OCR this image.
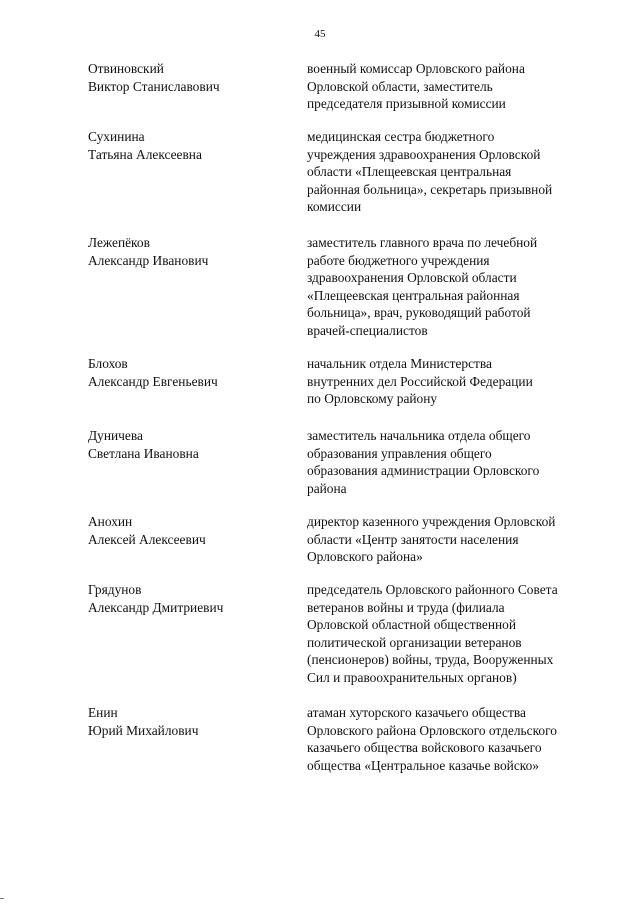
45
Отвиновский
Виктор Станиславович
военный комиссар Орловского района
Орловской области, заместитель
председателя призывной комиссии
Сухинина
Татьяна Алексеевна
медицинская сестра бюджетного
учреждения здравоохранения Орловской
области «Плещеевская центральная
районная больница», секретарь призывной
комиссии
Лежепёков
Александр Иванович
заместитель главного врача по лечебной
работе бюджетного учреждения
здравоохранения Орловской области
«Плещеевская центральная районная
больница», врач, руководящий работой
врачей-специалистов
Блохов
Александр Евгеньевич
начальник отдела Министерства
внутренних дел Российской Федерации
по Орловскому району
Дуничева
Светлана Ивановна
заместитель начальника отдела общего
образования управления общего
образования администрации Орловского
района
Анохин
Алексей Алексеевич
директор казенного учреждения Орловской
области «Центр занятости населения
Орловского района»
Грядунов
Александр Дмитриевич
председатель Орловского районного Совета
ветеранов войны и труда (филиала
Орловской областной общественной
политической организации ветеранов
(пенсионеров) войны, труда, Вооруженных
Сил и правоохранительных органов)
Енин
Юрий Михайлович
атаман хуторского казачьего общества
Орловского района Орловского отдельского
казачьего общества войскового казачьего
общества «Центральное казачье войско»
